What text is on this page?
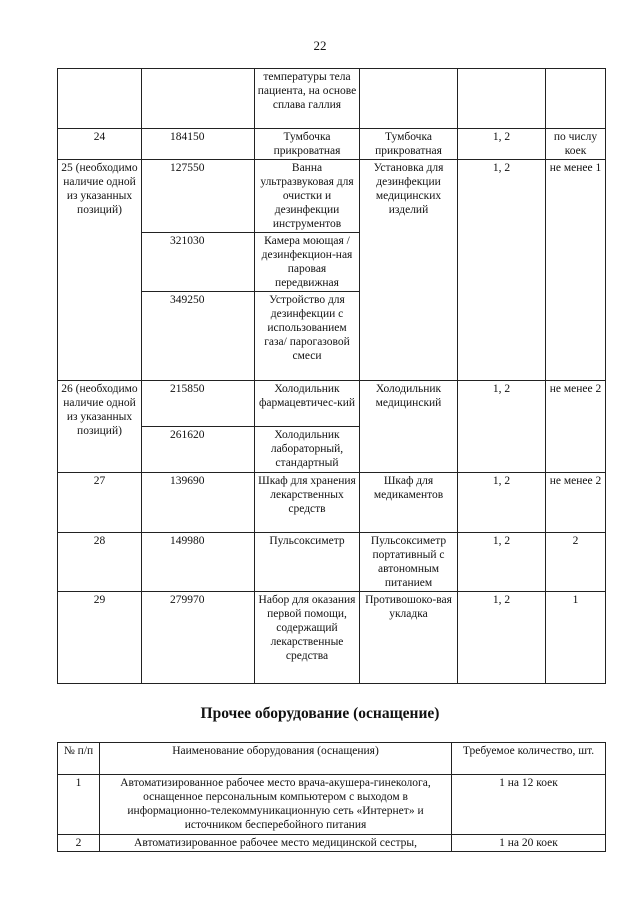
22
		температуры тела пациента, на основе сплава галлия			
24	184150	Тумбочка прикроватная	Тумбочка прикроватная	1, 2	по числу коек
25 (необходимо наличие одной из указанных позиций)	127550	Ванна ультразвуковая для очистки и дезинфекции инструментов	Установка для дезинфекции медицинских изделий	1, 2	не менее 1
	321030	Камера моющая /дезинфекцион-ная паровая передвижная			
	349250	Устройство для дезинфекции с использованием газа/ парогазовой смеси			
26 (необходимо наличие одной из указанных позиций)	215850	Холодильник фармацевтичес-кий	Холодильник медицинский	1, 2	не менее 2
	261620	Холодильник лабораторный, стандартный			
27	139690	Шкаф для хранения лекарственных средств	Шкаф для медикаментов	1, 2	не менее 2
28	149980	Пульсоксиметр	Пульсоксиметр портативный с автономным питанием	1, 2	2
29	279970	Набор для оказания первой помощи, содержащий лекарственные средства	Противошоко-вая укладка	1, 2	1
Прочее оборудование (оснащение)
№ п/п	Наименование оборудования (оснащения)	Требуемое количество, шт.
1	Автоматизированное рабочее место врача-акушера-гинеколога, оснащенное персональным компьютером с выходом в информационно-телекоммуникационную сеть «Интернет» и источником бесперебойного питания	1 на 12 коек
2	Автоматизированное рабочее место медицинской сестры,	1 на 20 коек
